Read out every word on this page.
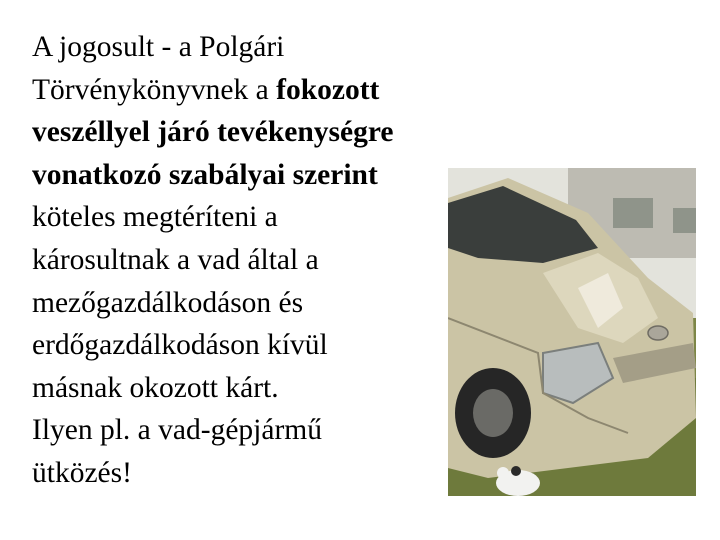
A jogosult - a Polgári
Törvénykönyvnek a fokozott
veszéllyel járó tevékenységre
vonatkozó szabályai szerint
köteles megtéríteni a
károsultnak a vad által a
mezőgazdálkodáson és
erdőgazdálkodáson kívül
másnak okozott kárt.
Ilyen pl. a vad-gépjármű
ütközés!
